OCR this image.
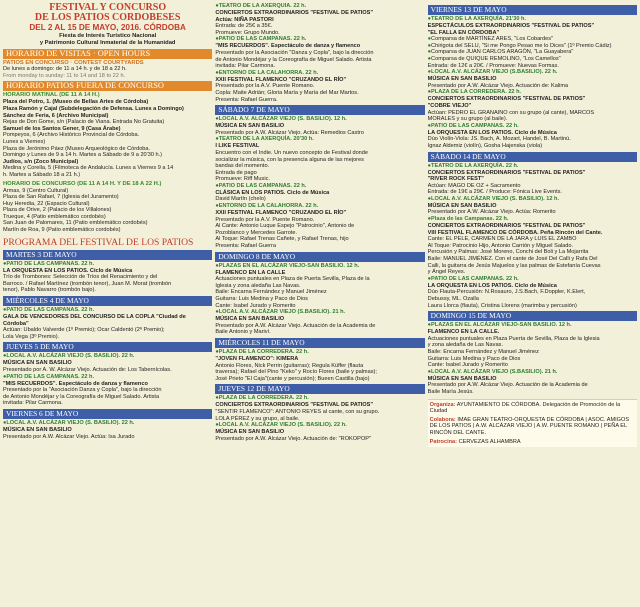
FESTIVAL Y CONCURSO
DE LOS PATIOS CORDOBESES
DEL 2 AL 15 DE MAYO, 2016. CÓRDOBA
Fiesta de Interés Turístico Nacional
y Patrimonio Cultural Inmaterial de la Humanidad
HORARIO DE VISITAS · OPEN HOURS
PATIOS EN CONCURSO · CONTEST COURTYARDS
De lunes a domingo: de 11 a 14 h. y de 18 a 22 h.
From monday to sunday: 11 to 14 and 18 to 22 h.
HORARIO PATIOS FUERA DE CONCURSO
HORARIO MATINAL (DE 11 A 14 H.)
Plaza del Potro, 1. (Museo de Bellas Artes de Córdoba)
Plaza Ramón y Cajal (Subdelegación de Defensa. Lunes a Domingo)
Sánchez de Feria, 6 (Archivo Municipal)
Rejas de Don Gome, s/n (Palacio de Viana. Entrada No Gratuita)
Samuel de los Santos Gener, 9 (Casa Árabe)
Pompeyos, 6 (Archivo Histórico Provincial de Córdoba.
Lunes a Viernes)
Plaza de Jerónimo Páez (Museo Arqueológico de Córdoba.
Domingo y Lunes de 9 a 14 h. Martes a Sábado de 9 a 20'30 h.)
Judíos, s/n (Zoco Municipal)
Medina y Corella, 5 (Filmoteca de Andalucía. Lunes a Viernes 9 a 14
h. Martes a Sábado 18 a 21 h.)
HORARIO DE CONCURSO (DE 11 A 14 H. Y DE 18 A 22 H.)
Armas, 9 (Centro Cultural)
Plaza de San Rafael, 7 (Iglesia del Juramento)
Huy Heredia, 22 (Espacio Cultural)
Plaza de Orive, 2 (Palacio de los Villalones)
Trueque, 4 (Patio emblemático cordobés)
San Juan de Palomares, 11 (Patio emblemático cordobés)
Martín de Roa, 9 (Patio emblemático cordobés)
PROGRAMA DEL FESTIVAL DE LOS PATIOS
MARTES 3 DE MAYO
● PATIO DE LAS CAMPANAS. 22 h.
LA ORQUESTA EN LOS PATIOS. Ciclo de Música
Trío de Trombones: Selección de Tríos del Renacimiento y del
Barroco. / Rafael Martínez (trombón tenor), Juan M. Morat (trombón
tenor), Pablo Navarro (trombón bajo).
MIÉRCOLES 4 DE MAYO
● PATIO DE LAS CAMPANAS. 22 h.
GALA DE VENCEDORES DEL CONCURSO DE LA COPLA "Ciudad de
Córdoba"
Actúan: Ubaldo Valverde (1º Premio); Ocar Caldentó (2º Premio);
Lola Vega (3º Premio).
JUEVES 5 DE MAYO
● LOCAL A.V. ALCÁZAR VIEJO (S. BASILIO). 22 h.
MÚSICA EN SAN BASILIO
Presentado por A. W. Alcázar Viejo. Actuación de: Los Tabernícolas.
● PATIO DE LAS CAMPANAS. 22 h.
"MIS RECUERDOS". Espectáculo de danza y flamenco
Presentado por la "Asociación Danza y Copla", bajo la dirección
de Antonio Mondéjar y la Coreografía de Miguel Salado. Artista
invitada: Pilar Carmona.
VIERNES 6 DE MAYO
● LOCAL A.V. ALCÁZAR VIEJO (S. BASILIO). 22 h.
MÚSICA EN SAN BASILIO
Presentado por A.W. Alcázar Viejo. Actúa: Isa Jurado
● TEATRO DE LA AXERQUÍA. 22 h.
CONCIERTOS EXTRAORDINARIOS "FESTIVAL DE PATIOS"
Actúa: NIÑA PASTORI
Entrada: de 25€ a 35€.
Promueve: Grupo Mundo.
● PATIO DE LAS CAMPANAS. 22 h.
"MIS RECUERDOS". Espectáculo de danza y flamenco
Presentado por la Asociación "Danza y Copla", bajo la dirección
de Antonio Mondéjar y la Coreografía de Miguel Salado. Artista
invitada: Pilar Carmona.
● ENTORNO DE LA CALAHORRA. 22 h.
XXII FESTIVAL FLAMENCO "CRUZANDO EL RÍO"
Presentado por la A.V. Puente Romano.
Copla: Maite Adrián; Gloria María y María del Mar Martos.
Presenta: Rafael Guerra.
SÁBADO 7 DE MAYO
● LOCAL A.V. ALCÁZAR VIEJO (S. BASILIO). 12 h.
MÚSICA EN SAN BASILIO
Presentado por A.W. Alcázar Viejo. Actúa: Remedios Castro
● TEATRO DE LA AXERQUÍA. 20'30 h.
I LIKE FESTIVAL
Encuentro con el Indie. Un nuevo concepto de Festival donde
socializar la música, con la presencia alguna de las mejores
bandas del momento.
Entrada de pago
Promueve: Riff Music.
● PATIO DE LAS CAMPANAS. 22 h.
CLÁSICA EN LOS PATIOS. Ciclo de Música
David Martín (chelo)
● ENTORNO DE LA CALAHORRA. 22 h.
XXII FESTIVAL FLAMENCO "CRUZANDO EL RÍO"
Presentado por la A.V. Puente Romano.
Al Cante: Antonio Luque Espejo "Patrocinio", Antonio de
Pozoblanco y Mercedes Garrote.
Al Toque: Rafael Trenas Cañete, y Rafael Trenas, hijo
Presenta: Rafael Guerra
DOMINGO 8 DE MAYO
● PLAZAS EN EL ALCÁZAR VIEJO-SAN BASILIO. 12 h.
FLAMENCO EN LA CALLE
Actuaciones puntuales en Plaza de Puerta Sevilla, Plaza de la
Iglesia y zona aledaña Las Navas.
Baile: Encarna Fernández y Manuel Jiménez
Guitarra: Luis Medina y Paco de Dios
Cante: Isabel Jurado y Romerito
● LOCAL A.V. ALCÁZAR VIEJO (S.BASILIO). 21 h.
MÚSICA EN SAN BASILIO
Presentado por A.W. Alcázar Viejo. Actuación de la Academia de
Baile Antonio y Mariví.
MIÉRCOLES 11 DE MAYO
● PLAZA DE LA CORREDERA. 22 h.
"JOVEN FLAMENCO": KIMERA
Antonio Flores, Nick Perrin (guitarras); Regula Küffer (flauta
traversa); Rafael del Pino "Keko" y Rocío Flores (baile y palmas);
José Prieto "El Caja"(cante y percusión); Bueen Castilla (bajo)
JUEVES 12 DE MAYO
● PLAZA DE LA CORREDERA. 22 h.
CONCIERTOS EXTRAORDINARIOS "FESTIVAL DE PATIOS"
"SENTIR FLAMENCO": ANTONIO REYES al cante, con su grupo.
LOLA PÉREZ y su grupo, al baile.
● LOCAL A.V. ALCÁZAR VIEJO (S. BASILIO). 22 h.
MÚSICA EN SAN BASILIO
Presentado por A.W. Alcázar Viejo. Actuación de: "ROKOPOP"
VIERNES 13 DE MAYO
● TEATRO DE LA AXERQUÍA. 21'30 h.
ESPECTÁCULOS EXTRAORDINARIOS "FESTIVAL DE PATIOS"
"EL FALLA EN CÓRDOBA"
● Comparsa de MARTÍNEZ ARES, "Los Cobardes"
● Chirigota del SELU, "Si me Pongo Pesao me lo Dices" (1º Premio Cádiz)
● Comparsa de JUAN CARLOS ARAGÓN, "La Guayabera"
● Comparsa de QUIQUE REMOLINO, "Los Camellos"
Entrada: de 12€ a 20€. / Promueve: Nuevas Formas.
● LOCAL A.V. ALCÁZAR VIEJO (S.BASILIO). 22 h.
MÚSICA EN SAN BASILIO
Presentado por A.W. Alcázar Viejo. Actuación de: Kalima
● PLAZA DE LA CORREDERA. 22 h.
CONCIERTOS EXTRAORDINARIOS "FESTIVAL DE PATIOS"
"COBRE VIEJO"
Actúan: PEDRO EL GRANAINO con su grupo (al cante), MARCOS
MORALES y su grupo (al baile).
● PATIO DE LAS CAMPANAS. 22 h.
LA ORQUESTA EN LOS PATIOS. Ciclo de Música
Dúo Violín-Viola: JS. Bach, A. Mozart, Handel, B. Martinú.
Ignaz Aldemiz (violín), Gosha Hajenska (viola)
SÁBADO 14 DE MAYO
● TEATRO DE LA AXERQUÍA. 22 h.
CONCIERTOS EXTRAORDINARIOS "FESTIVAL DE PATIOS"
"RIVER ROCK FEST"
Actúan: MAGO DE OZ + Sacramento
Entrada: de 19€ a 29€. / Produce: Fónica Live Events.
● LOCAL A.V. ALCÁZAR VIEJO (S. BASILIO). 12 h.
MÚSICA EN SAN BASILIO
Presentado por A.W. Alcázar Viejo. Actúa: Romerito
● Plaza de las Campanas. 22 h.
CONCIERTOS EXTRAORDINARIOS "FESTIVAL DE PATIOS"
VIII FESTIVAL FLAMENCO DE CÓRDOBA. Peña Rincón del Cante.
Cante: EL PELE, CARMEN DE LA JARA y LUIS EL ZAMBO
Al Toque: Patrocinio Hijo, Antonio Carrión y Miguel Salado.
Percusión y Palmas: José Moreno, Conchi del Boli y La Mojarrita
Baile: MANUEL JIMÉNEZ. Con el cante de José Del Calli y Rafa Del
Calli, la guitarra de Jesús Majuelos y las palmas de Estefanía Cuevas
y Ángel Reyes.
● PATIO DE LAS CAMPANAS. 22 h.
LA ORQUESTA EN LOS PATIOS. Ciclo de Música
Dúo Flauta-Percusión: N.Rosauro, J.S.Bach, F.Doppler, K.Elert,
Debussy, ML. Ozalla
Laura Llorca (flauta), Cristina Llorens (marimba y percusión)
DOMINGO 15 DE MAYO
● PLAZAS EN EL ALCÁZAR VIEJO-SAN BASILIO. 12 h.
FLAMENCO EN LA CALLE.
Actuaciones puntuales en Plaza Puerta de Sevilla, Plaza de la Iglesia
y zona aledaña de Las Navas.
Baile: Encarna Fernández y Manuel Jiménez
Guitarra: Luis Medina y Paco de Dios
Cante: Isabel Jurado y Romerito
● LOCAL A.V. ALCÁZAR VIEJO (S.BASILIO). 21 h.
MÚSICA EN SAN BASILIO
Presentado por A.W. Alcázar Viejo. Actuación de la Academia de
Baile María Jesús.
Organiza: AYUNTAMIENTO DE CÓRDOBA. Delegación de Promoción de la Ciudad
Colabora: IMAE GRAN TEATRO-ORQUESTA DE CÓRDOBA | ASOC. AMIGOS DE LOS PATIOS | A.W. ALCÁZAR VIEJO | A.W. PUENTE ROMANO | PEÑA EL RINCÓN DEL CANTE.
Patrocina: CERVEZAS ALHAMBRA
